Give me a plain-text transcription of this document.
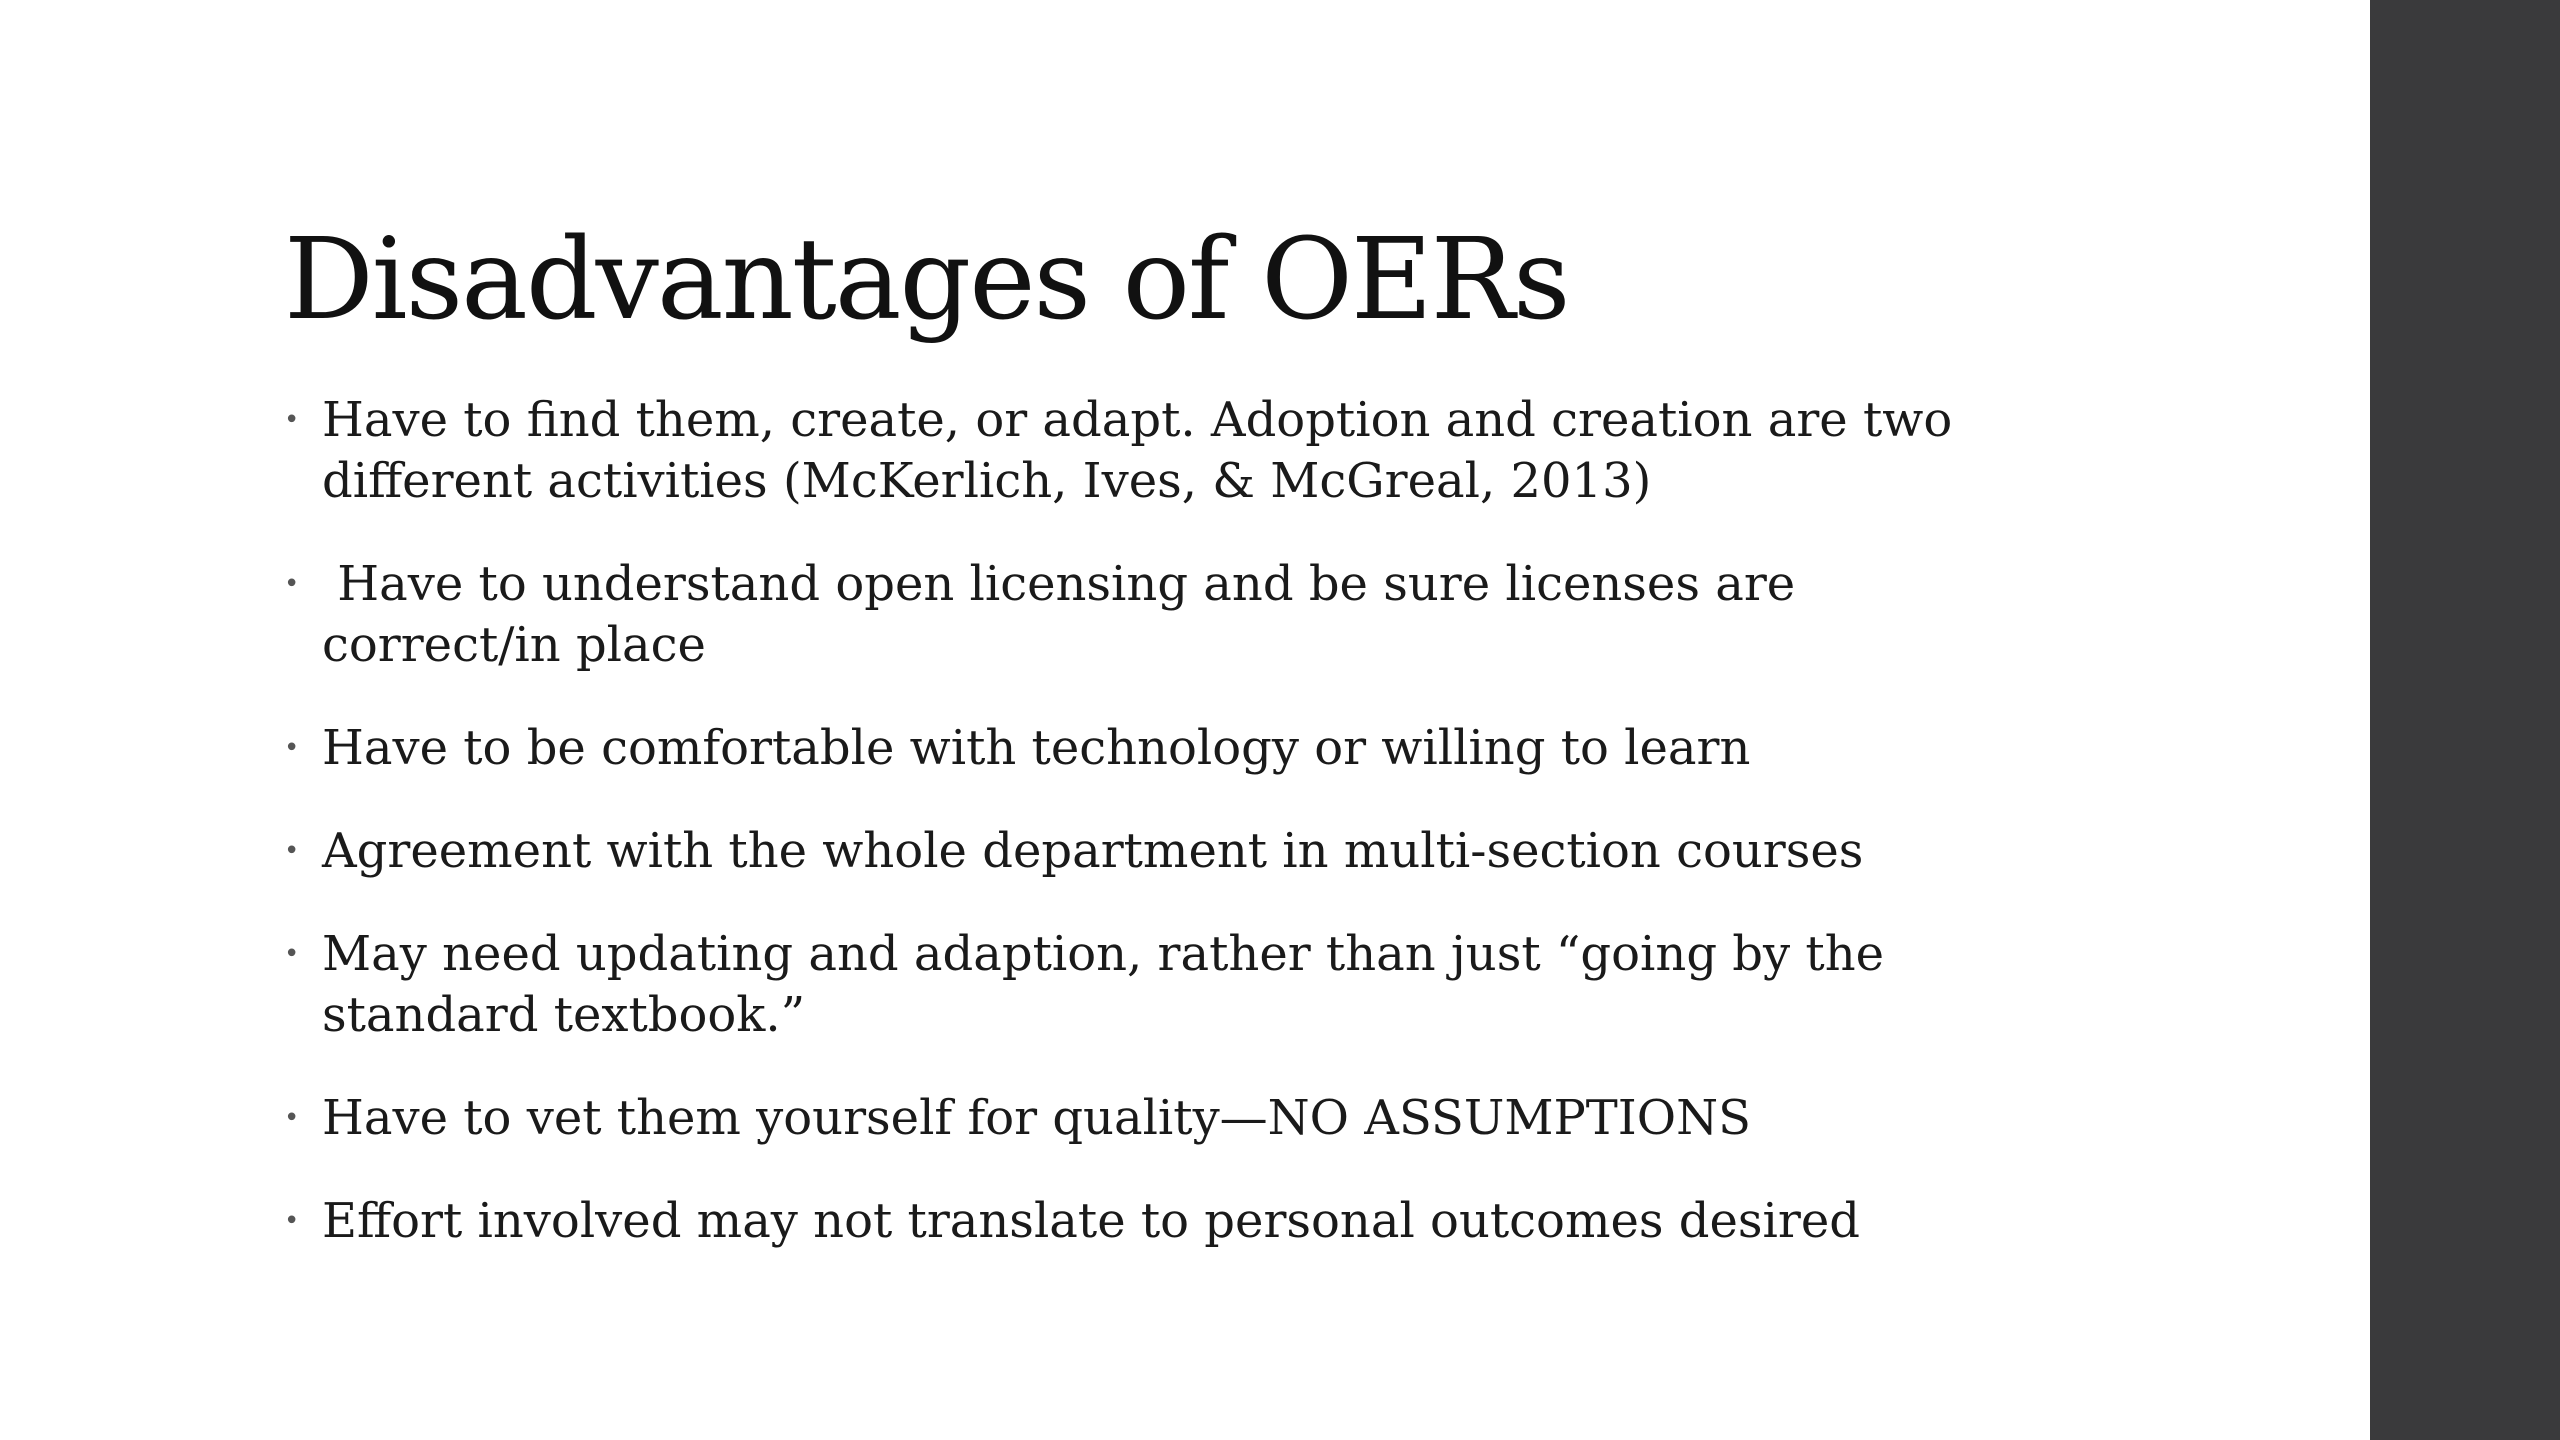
Disadvantages of OERs
• Have to find them, create, or adapt. Adoption and creation are two different activities (McKerlich, Ives, & McGreal, 2013)
• Have to understand open licensing and be sure licenses are correct/in place
• Have to be comfortable with technology or willing to learn
• Agreement with the whole department in multi-section courses
• May need updating and adaption, rather than just “going by the standard textbook.”
• Have to vet them yourself for quality—NO ASSUMPTIONS
• Effort involved may not translate to personal outcomes desired
